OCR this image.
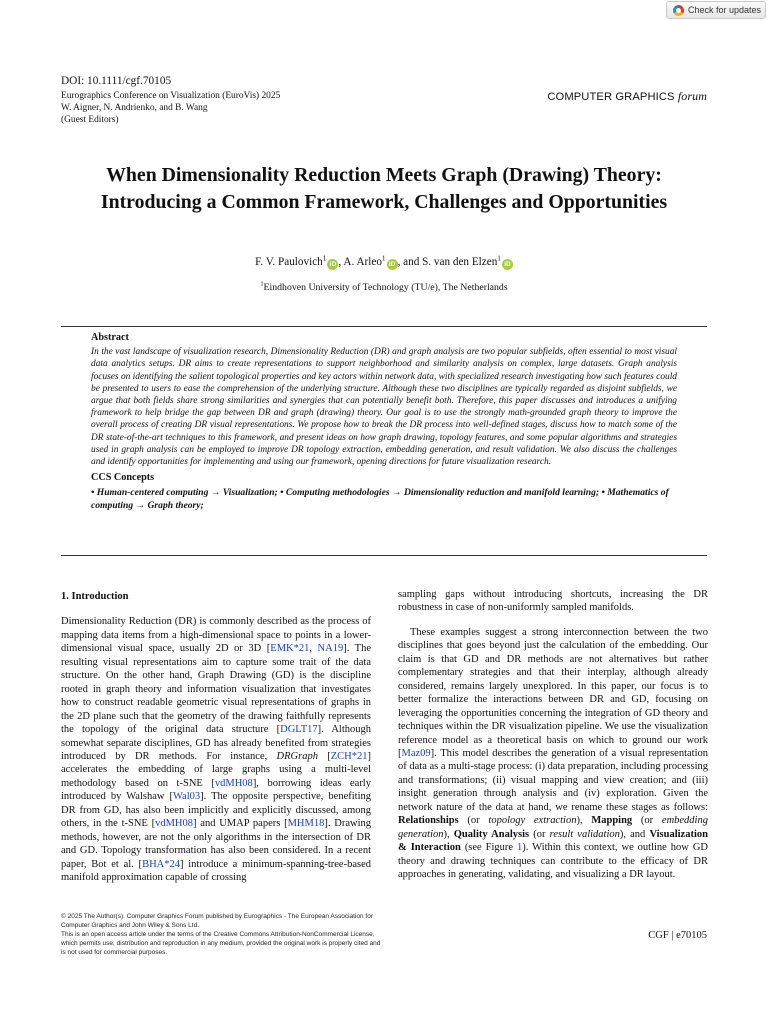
Check for updates
DOI: 10.1111/cgf.70105
Eurographics Conference on Visualization (EuroVis) 2025
W. Aigner, N. Andrienko, and B. Wang
(Guest Editors)
COMPUTER GRAPHICS forum
When Dimensionality Reduction Meets Graph (Drawing) Theory:
Introducing a Common Framework, Challenges and Opportunities
F. V. Paulovich$^1$iD , A. Arleo$^1$iD , and S. van den Elzen$^1$iD
$^1$Eindhoven University of Technology (TU/e), The Netherlands
Abstract

In the vast landscape of visualization research, Dimensionality Reduction (DR) and graph analysis are two popular subfields, often essential to most visual data analytics setups. DR aims to create representations to support neighborhood and similarity analysis on complex, large datasets. Graph analysis focuses on identifying the salient topological properties and key actors within network data, with specialized research investigating how such features could be presented to users to ease the comprehension of the underlying structure. Although these two disciplines are typically regarded as disjoint subfields, we argue that both fields share strong similarities and synergies that can potentially benefit both. Therefore, this paper discusses and introduces a unifying framework to help bridge the gap between DR and graph (drawing) theory. Our goal is to use the strongly math-grounded graph theory to improve the overall process of creating DR visual representations. We propose how to break the DR process into well-defined stages, discuss how to match some of the DR state-of-the-art techniques to this framework, and present ideas on how graph drawing, topology features, and some popular algorithms and strategies used in graph analysis can be employed to improve DR topology extraction, embedding generation, and result validation. We also discuss the challenges and identify opportunities for implementing and using our framework, opening directions for future visualization research.

CCS Concepts

• Human-centered computing → Visualization; • Computing methodologies → Dimensionality reduction and manifold learning; • Mathematics of computing → Graph theory;

1. Introduction

Dimensionality Reduction (DR) is commonly described as the process of mapping data items from a high-dimensional space to points in a lower-dimensional visual space, usually 2D or 3D [EMK*21, NA19]. The resulting visual representations aim to capture some trait of the data structure. On the other hand, Graph Drawing (GD) is the discipline rooted in graph theory and information visualization that investigates how to construct readable geometric visual representations of graphs in the 2D plane such that the geometry of the drawing faithfully represents the topology of the original data structure [DGLT17]. Although somewhat separate disciplines, GD has already benefited from strategies introduced by DR methods. For instance, DRGraph [ZCH*21] accelerates the embedding of large graphs using a multi-level methodology based on t-SNE [vdMH08], borrowing ideas early introduced by Walshaw [Wal03]. The opposite perspective, benefiting DR from GD, has also been implicitly and explicitly discussed, among others, in the t-SNE [vdMH08] and UMAP papers [MHM18]. Drawing methods, however, are not the only algorithms in the intersection of DR and GD. Topology transformation has also been considered. In a recent paper, Bot et al. [BHA*24] introduce a minimum-spanning-tree-based manifold approximation capable of crossing

sampling gaps without introducing shortcuts, increasing the DR robustness in case of non-uniformly sampled manifolds.

These examples suggest a strong interconnection between the two disciplines that goes beyond just the calculation of the embedding. Our claim is that GD and DR methods are not alternatives but rather complementary strategies and that their interplay, although already considered, remains largely unexplored. In this paper, our focus is to better formalize the interactions between DR and GD, focusing on leveraging the opportunities concerning the integration of GD theory and techniques within the DR visualization pipeline. We use the visualization reference model as a theoretical basis on which to ground our work [Maz09]. This model describes the generation of a visual representation of data as a multi-stage process: (i) data preparation, including processing and transformations; (ii) visual mapping and view creation; and (iii) insight generation through analysis and (iv) exploration. Given the network nature of the data at hand, we rename these stages as follows: Relationships (or topology extraction), Mapping (or embedding generation), Quality Analysis (or result validation), and Visualization & Interaction (see Figure 1). Within this context, we outline how GD theory and drawing techniques can contribute to the efficacy of DR approaches in generating, validating, and visualizing a DR layout.

© 2025 The Author(s). Computer Graphics Forum published by Eurographics - The European Association for Computer Graphics and John Wiley & Sons Ltd.

This is an open access article under the terms of the Creative Commons Attribution-NonCommercial License, which permits use, distribution and reproduction in any medium, provided the original work is properly cited and is not used for commercial purposes.

CGF | e70105
